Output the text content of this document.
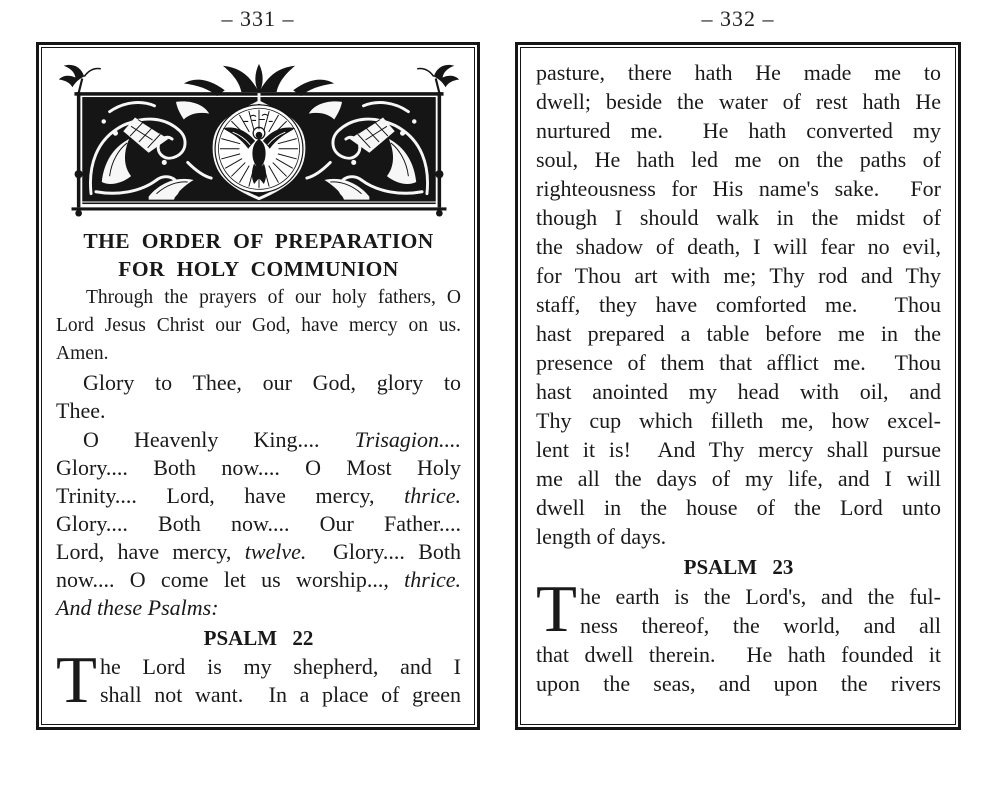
– 331 –	– 332 –
THE ORDER OF PREPARATION
FOR HOLY COMMUNION
Through the prayers of our holy fathers, O
Lord Jesus Christ our God, have mercy on us.
Amen.
Glory to Thee, our God, glory to
Thee.
O Heavenly King.... Trisagion....
Glory.... Both now.... O Most Holy
Trinity.... Lord, have mercy, thrice.
Glory.... Both now.... Our Father....
Lord, have mercy, twelve.  Glory.... Both
now.... O come let us worship..., thrice.
And these Psalms:
PSALM 22
T he Lord is my shepherd, and I
shall not want.  In a place of green
pasture, there hath He made me to
dwell; beside the water of rest hath He
nurtured me.  He hath converted my
soul, He hath led me on the paths of
righteousness for His name's sake.  For
though I should walk in the midst of
the shadow of death, I will fear no evil,
for Thou art with me; Thy rod and Thy
staff, they have comforted me.  Thou
hast prepared a table before me in the
presence of them that afflict me.  Thou
hast anointed my head with oil, and
Thy cup which filleth me, how excel-
lent it is!  And Thy mercy shall pursue
me all the days of my life, and I will
dwell in the house of the Lord unto
length of days.
PSALM 23
T he earth is the Lord's, and the ful-
ness thereof, the world, and all
that dwell therein.  He hath founded it
upon the seas, and upon the rivers
